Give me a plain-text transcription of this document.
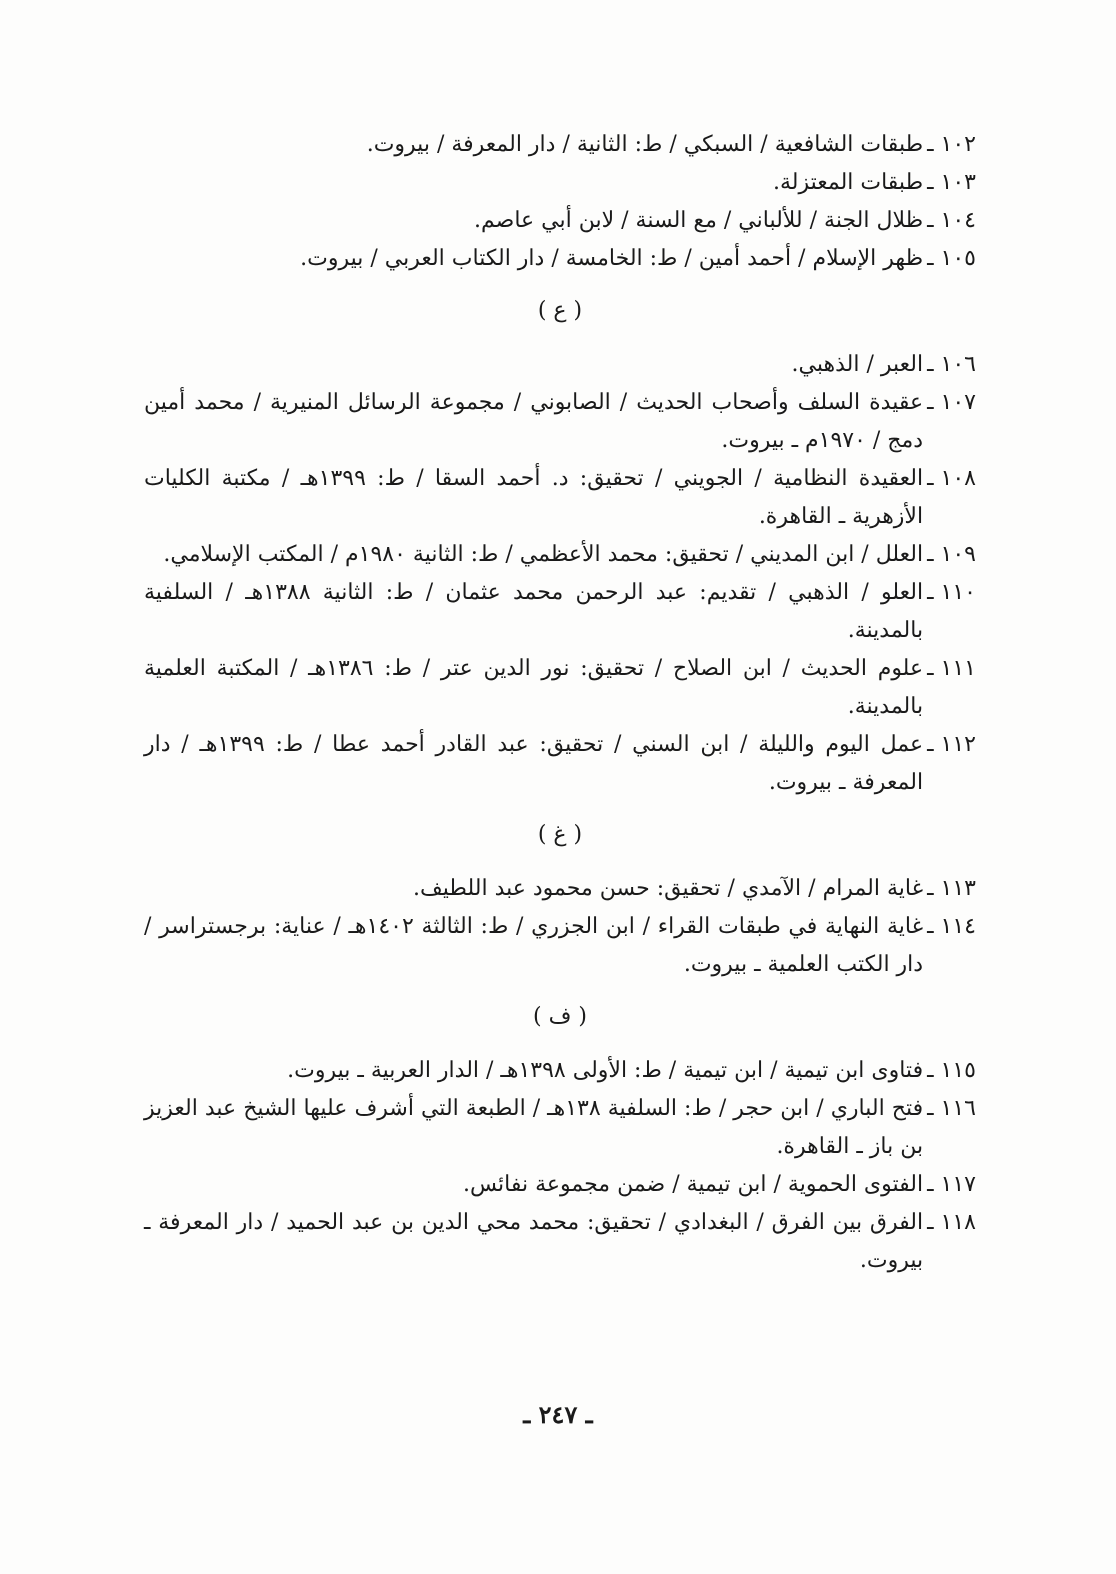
١٠٢ ـ
طبقات الشافعية / السبكي / ط: الثانية / دار المعرفة / بيروت.
١٠٣ ـ
طبقات المعتزلة.
١٠٤ ـ
ظلال الجنة / للألباني / مع السنة / لابن أبي عاصم.
١٠٥ ـ
ظهر الإسلام / أحمد أمين / ط: الخامسة / دار الكتاب العربي / بيروت.
( ع )
١٠٦ ـ
العبر / الذهبي.
١٠٧ ـ
عقيدة السلف وأصحاب الحديث / الصابوني / مجموعة الرسائل المنيرية / محمد أمين دمج / ١٩٧٠م ـ بيروت.
١٠٨ ـ
العقيدة النظامية / الجويني / تحقيق: د. أحمد السقا / ط: ١٣٩٩هـ / مكتبة الكليات الأزهرية ـ القاهرة.
١٠٩ ـ
العلل / ابن المديني / تحقيق: محمد الأعظمي / ط: الثانية ١٩٨٠م / المكتب الإسلامي.
١١٠ ـ
العلو / الذهبي / تقديم: عبد الرحمن محمد عثمان / ط: الثانية ١٣٨٨هـ / السلفية بالمدينة.
١١١ ـ
علوم الحديث / ابن الصلاح / تحقيق: نور الدين عتر / ط: ١٣٨٦هـ / المكتبة العلمية بالمدينة.
١١٢ ـ
عمل اليوم والليلة / ابن السني / تحقيق: عبد القادر أحمد عطا / ط: ١٣٩٩هـ / دار المعرفة ـ بيروت.
( غ )
١١٣ ـ
غاية المرام / الآمدي / تحقيق: حسن محمود عبد اللطيف.
١١٤ ـ
غاية النهاية في طبقات القراء / ابن الجزري / ط: الثالثة ١٤٠٢هـ / عناية: برجستراسر / دار الكتب العلمية ـ بيروت.
( ف )
١١٥ ـ
فتاوى ابن تيمية / ابن تيمية / ط: الأولى ١٣٩٨هـ / الدار العربية ـ بيروت.
١١٦ ـ
فتح الباري / ابن حجر / ط: السلفية ١٣٨هـ / الطبعة التي أشرف عليها الشيخ عبد العزيز بن باز ـ القاهرة.
١١٧ ـ
الفتوى الحموية / ابن تيمية / ضمن مجموعة نفائس.
١١٨ ـ
الفرق بين الفرق / البغدادي / تحقيق: محمد محي الدين بن عبد الحميد / دار المعرفة ـ بيروت.
ـ ٢٤٧ ـ
